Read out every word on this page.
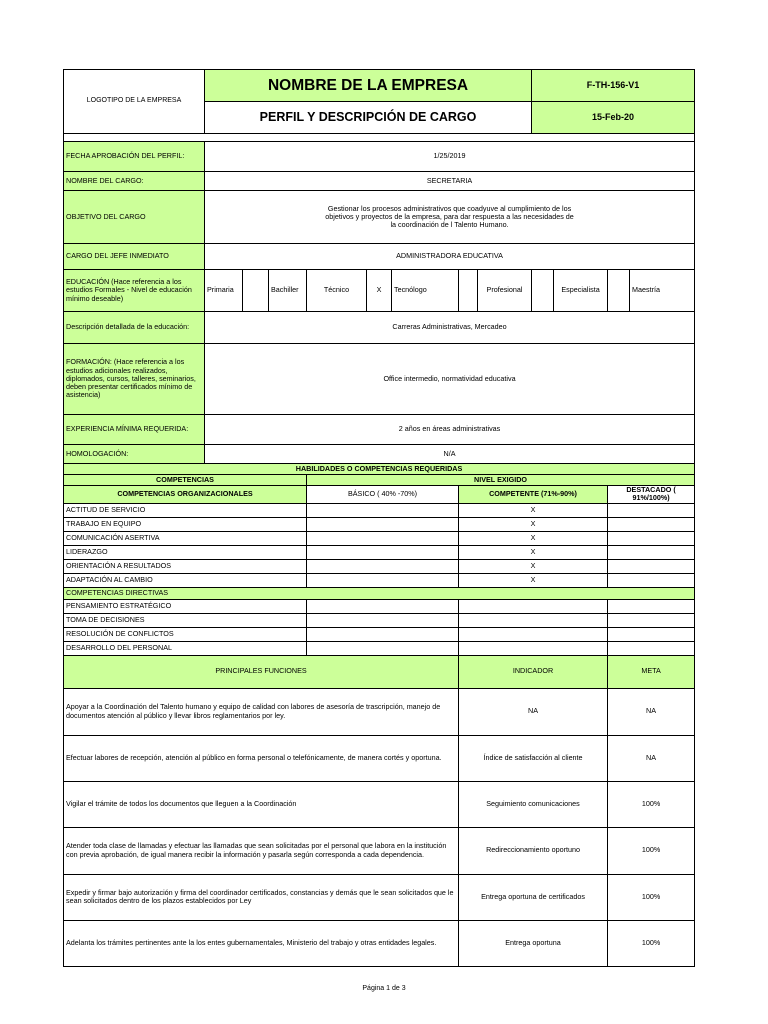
LOGOTIPO DE LA EMPRESA	NOMBRE DE LA EMPRESA								F-TH-156-V1			
	PERFIL Y DESCRIPCIÓN DE CARGO								15-Feb-20			

FECHA APROBACIÓN DEL PERFIL:	1/25/2019											
NOMBRE DEL CARGO:	SECRETARIA											
OBJETIVO DEL CARGO	Gestionar los procesos administrativos que coadyuve al cumplimiento de los objetivos y proyectos de la empresa, para dar respuesta a las necesidades de la coordinación de l Talento Humano.											
CARGO DEL JEFE INMEDIATO	ADMINISTRADORA EDUCATIVA											
EDUCACIÓN (Hace referencia a los estudios Formales - Nivel de educación mínimo deseable)	Primaria		Bachiller	Técnico	X	Tecnólogo		Profesional		Especialista		Maestría
Descripción detallada de la educación:	Carreras Administrativas, Mercadeo											
FORMACIÓN: (Hace referencia a los estudios adicionales realizados, diplomados, cursos, talleres, seminarios, deben presentar certificados mínimo de asistencia)	Office intermedio, normatividad educativa											
EXPERIENCIA MÍNIMA REQUERIDA:	2 años en áreas administrativas											
HOMOLOGACIÓN:	N/A											
HABILIDADES O COMPETENCIAS REQUERIDAS												
COMPETENCIAS				NIVEL EXIGIDO								
COMPETENCIAS ORGANIZACIONALES				BÁSICO ( 40% -70%)			COMPETENTE (71%-90%)				DESTACADO ( 91%/100%)	
ACTITUD DE SERVICIO							X					
TRABAJO EN EQUIPO							X					
COMUNICACIÓN ASERTIVA							X					
LIDERAZGO							X					
ORIENTACIÓN A RESULTADOS							X					
ADAPTACIÓN AL CAMBIO							X					
COMPETENCIAS DIRECTIVAS												
PENSAMIENTO ESTRATÉGICO												
TOMA DE DECISIONES												
RESOLUCIÓN DE CONFLICTOS												
DESARROLLO DEL PERSONAL												
PRINCIPALES FUNCIONES							INDICADOR				META	
Apoyar a la Coordinación del Talento humano y equipo de calidad con labores de asesoría de trascripción, manejo de documentos atención al público y llevar libros reglamentarios por ley.							NA				NA	
Efectuar labores de recepción, atención al público en forma personal o telefónicamente, de manera cortés y oportuna.							Índice de satisfacción al cliente				NA	
Vigilar el trámite de todos los documentos que lleguen a la Coordinación							Seguimiento comunicaciones				100%	
Atender toda clase de llamadas y efectuar las llamadas que sean solicitadas por el personal que labora en la institución con previa aprobación, de igual manera recibir la información y pasarla según corresponda a cada dependencia.							Redireccionamiento oportuno				100%	
Expedir y firmar bajo autorización y firma del coordinador certificados, constancias y demás que le sean solicitados que le sean solicitados dentro de los plazos establecidos por Ley							Entrega oportuna de certificados				100%	
Adelanta los trámites pertinentes ante la los entes gubernamentales, Ministerio del trabajo y otras entidades legales.							Entrega oportuna				100%	
Página 1 de 3
